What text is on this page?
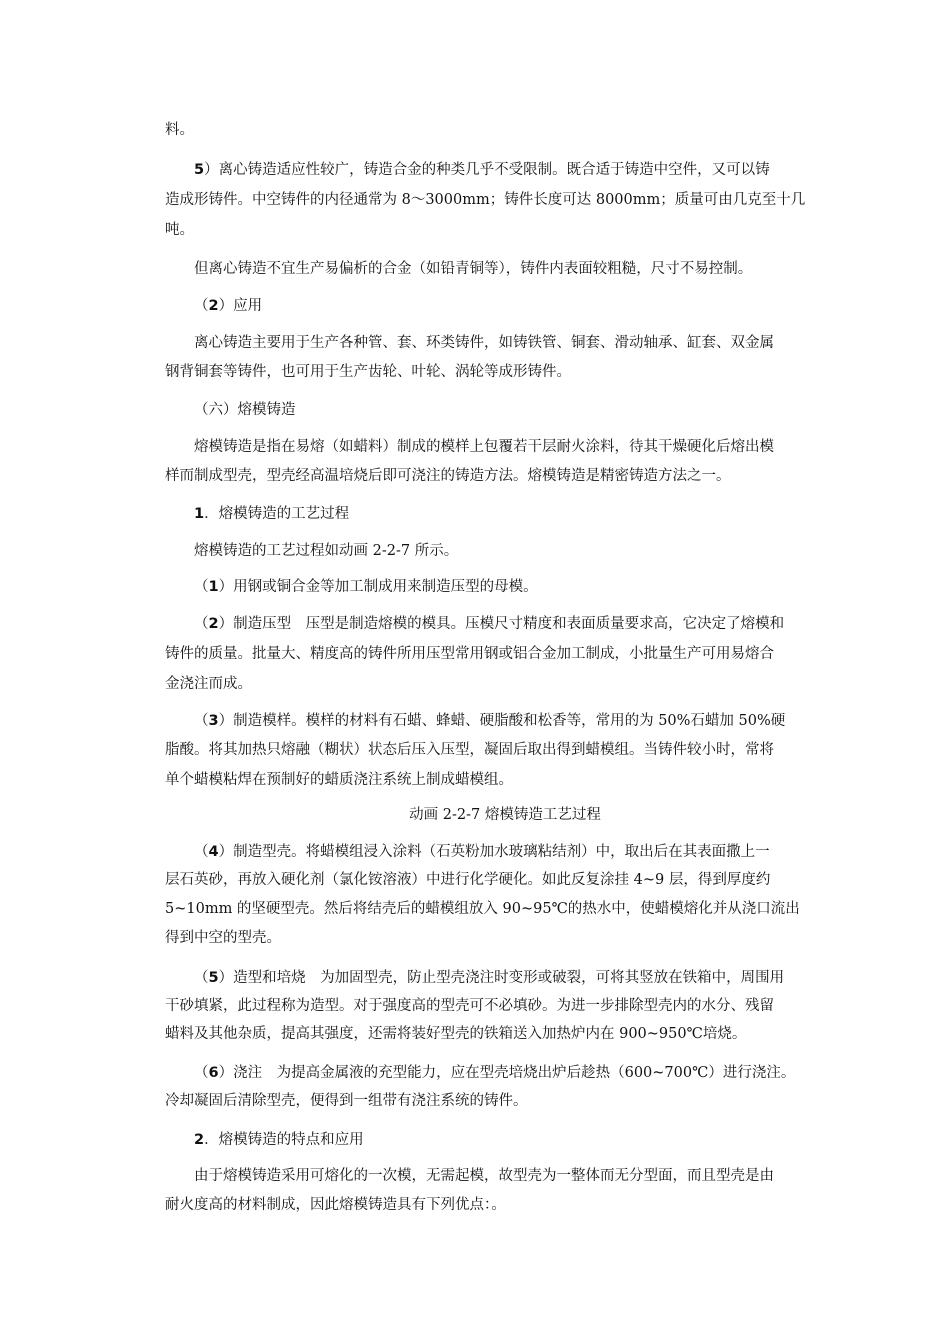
料。

5）离心铸造适应性较广，铸造合金的种类几乎不受限制。既合适于铸造中空件，又可以铸

造成形铸件。中空铸件的内径通常为 8～3000mm；铸件长度可达 8000mm；质量可由几克至十几

吨。

但离心铸造不宜生产易偏析的合金（如铅青铜等），铸件内表面较粗糙，尺寸不易控制。

（2）应用

离心铸造主要用于生产各种管、套、环类铸件，如铸铁管、铜套、滑动轴承、缸套、双金属

钢背铜套等铸件，也可用于生产齿轮、叶轮、涡轮等成形铸件。

（六）熔模铸造

熔模铸造是指在易熔（如蜡料）制成的模样上包覆若干层耐火涂料，待其干燥硬化后熔出模

样而制成型壳，型壳经高温培烧后即可浇注的铸造方法。熔模铸造是精密铸造方法之一。

1．熔模铸造的工艺过程

熔模铸造的工艺过程如动画 2-2-7 所示。

（1）用钢或铜合金等加工制成用来制造压型的母模。

（2）制造压型　压型是制造熔模的模具。压模尺寸精度和表面质量要求高，它决定了熔模和

铸件的质量。批量大、精度高的铸件所用压型常用钢或铝合金加工制成，小批量生产可用易熔合

金浇注而成。

（3）制造模样。模样的材料有石蜡、蜂蜡、硬脂酸和松香等，常用的为 50%石蜡加 50%硬

脂酸。将其加热只熔融（糊状）状态后压入压型，凝固后取出得到蜡模组。当铸件较小时，常将

单个蜡模粘焊在预制好的蜡质浇注系统上制成蜡模组。

动画 2-2-7 熔模铸造工艺过程

（4）制造型壳。将蜡模组浸入涂料（石英粉加水玻璃粘结剂）中，取出后在其表面撒上一

层石英砂，再放入硬化剂（氯化铵溶液）中进行化学硬化。如此反复涂挂 4~9 层，得到厚度约

5~10mm 的坚硬型壳。然后将结壳后的蜡模组放入 90~95℃的热水中，使蜡模熔化并从浇口流出

得到中空的型壳。

（5）造型和培烧　为加固型壳，防止型壳浇注时变形或破裂，可将其竖放在铁箱中，周围用

干砂填紧，此过程称为造型。对于强度高的型壳可不必填砂。为进一步排除型壳内的水分、残留

蜡料及其他杂质，提高其强度，还需将装好型壳的铁箱送入加热炉内在 900~950℃培烧。

（6）浇注　为提高金属液的充型能力，应在型壳培烧出炉后趁热（600~700℃）进行浇注。

冷却凝固后清除型壳，便得到一组带有浇注系统的铸件。

2．熔模铸造的特点和应用

由于熔模铸造采用可熔化的一次模，无需起模，故型壳为一整体而无分型面，而且型壳是由

耐火度高的材料制成，因此熔模铸造具有下列优点：。
